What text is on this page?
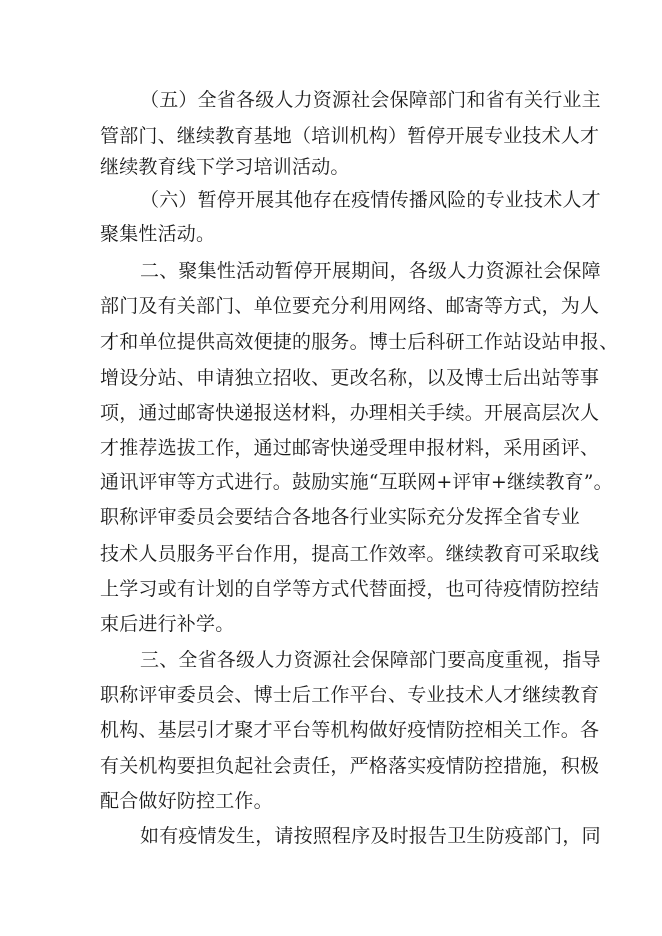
（五）全省各级人力资源社会保障部门和省有关行业主
管部门、继续教育基地（培训机构）暂停开展专业技术人才
继续教育线下学习培训活动。
（六）暂停开展其他存在疫情传播风险的专业技术人才
聚集性活动。
二、聚集性活动暂停开展期间，各级人力资源社会保障
部门及有关部门、单位要充分利用网络、邮寄等方式，为人
才和单位提供高效便捷的服务。博士后科研工作站设站申报、
增设分站、申请独立招收、更改名称，以及博士后出站等事
项，通过邮寄快递报送材料，办理相关手续。开展高层次人
才推荐选拔工作，通过邮寄快递受理申报材料，采用函评、
通讯评审等方式进行。鼓励实施“互联网+评审+继续教育”。
职称评审委员会要结合各地各行业实际充分发挥全省专业
技术人员服务平台作用，提高工作效率。继续教育可采取线
上学习或有计划的自学等方式代替面授，也可待疫情防控结
束后进行补学。
三、全省各级人力资源社会保障部门要高度重视，指导
职称评审委员会、博士后工作平台、专业技术人才继续教育
机构、基层引才聚才平台等机构做好疫情防控相关工作。各
有关机构要担负起社会责任，严格落实疫情防控措施，积极
配合做好防控工作。
如有疫情发生，请按照程序及时报告卫生防疫部门，同
